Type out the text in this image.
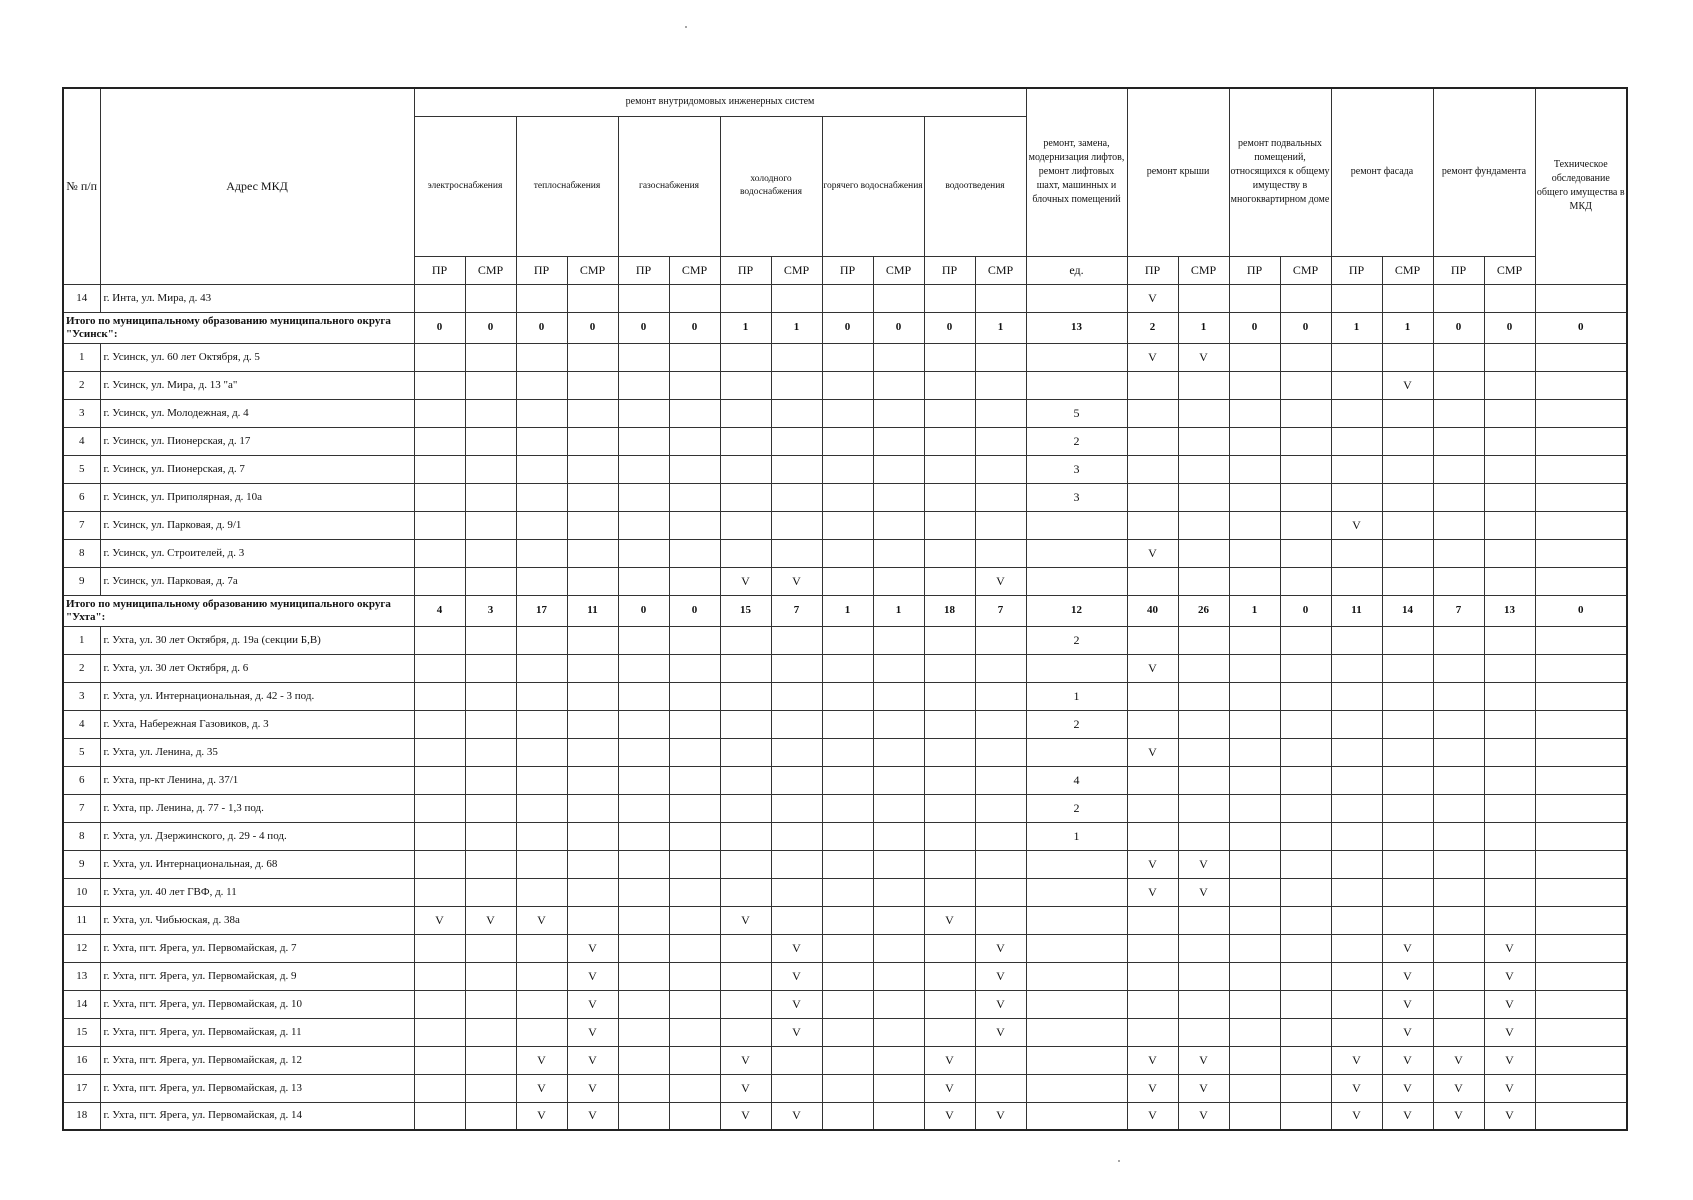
№ п/п	Адрес МКД	ремонт внутридомовых инженерных систем												ремонт, замена, модернизация лифтов, ремонт лифтовых шахт, машинных и блочных помещений	ремонт крыши		ремонт подвальных помещений, относящихся к общему имуществу в многоквартирном доме		ремонт фасада		ремонт фундамента		Техническое обследование общего имущества в МКД
		электроснабжения		теплоснабжения		газоснабжения		холодного водоснабжения		горячего водоснабжения		водоотведения											
		ПР	СМР	ПР	СМР	ПР	СМР	ПР	СМР	ПР	СМР	ПР	СМР	ед.	ПР	СМР	ПР	СМР	ПР	СМР	ПР	СМР	
14	г. Инта, ул. Мира, д. 43														V								
Итого по муниципальному образованию муниципального округа "Усинск":		0	0	0	0	0	0	1	1	0	0	0	1	13	2	1	0	0	1	1	0	0	0
1	г. Усинск, ул. 60 лет Октября, д. 5														V	V							
2	г. Усинск, ул. Мира, д. 13 "а"																			V			
3	г. Усинск, ул. Молодежная, д. 4													5									
4	г. Усинск, ул. Пионерская, д. 17													2									
5	г. Усинск, ул. Пионерская, д. 7													3									
6	г. Усинск, ул. Приполярная, д. 10а													3									
7	г. Усинск, ул. Парковая, д. 9/1																		V				
8	г. Усинск, ул. Строителей, д. 3														V								
9	г. Усинск, ул. Парковая, д. 7а							V	V				V										
Итого по муниципальному образованию муниципального округа "Ухта":		4	3	17	11	0	0	15	7	1	1	18	7	12	40	26	1	0	11	14	7	13	0
1	г. Ухта, ул. 30 лет Октября, д. 19а (секции Б,В)													2									
2	г. Ухта, ул. 30 лет Октября, д. 6														V								
3	г. Ухта, ул. Интернациональная, д. 42 - 3 под.													1									
4	г. Ухта, Набережная Газовиков, д. 3													2									
5	г. Ухта, ул. Ленина, д. 35														V								
6	г. Ухта, пр-кт Ленина, д. 37/1													4									
7	г. Ухта, пр. Ленина, д. 77 - 1,3 под.													2									
8	г. Ухта, ул. Дзержинского, д. 29 - 4 под.													1									
9	г. Ухта, ул. Интернациональная, д. 68														V	V							
10	г. Ухта, ул. 40 лет ГВФ, д. 11														V	V							
11	г. Ухта, ул. Чибьюская, д. 38а	V	V	V				V				V											
12	г. Ухта, пгт. Ярега, ул. Первомайская, д. 7				V				V				V							V		V	
13	г. Ухта, пгт. Ярега, ул. Первомайская, д. 9				V				V				V							V		V	
14	г. Ухта, пгт. Ярега, ул. Первомайская, д. 10				V				V				V							V		V	
15	г. Ухта, пгт. Ярега, ул. Первомайская, д. 11				V				V				V							V		V	
16	г. Ухта, пгт. Ярега, ул. Первомайская, д. 12			V	V			V				V			V	V			V	V	V	V	
17	г. Ухта, пгт. Ярега, ул. Первомайская, д. 13			V	V			V				V			V	V			V	V	V	V	
18	г. Ухта, пгт. Ярега, ул. Первомайская, д. 14			V	V			V	V			V	V		V	V			V	V	V	V	
